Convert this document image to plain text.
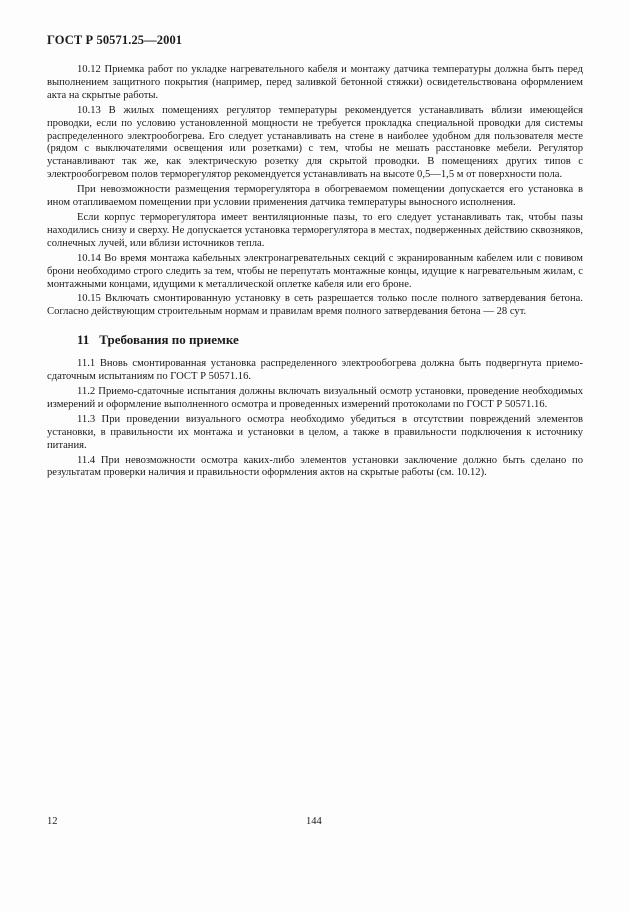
ГОСТ Р 50571.25—2001

10.12 Приемка работ по укладке нагревательного кабеля и монтажу датчика температуры должна быть перед выполнением защитного покрытия (например, перед заливкой бетонной стяжки) освидетельствована оформлением акта на скрытые работы.

10.13 В жилых помещениях регулятор температуры рекомендуется устанавливать вблизи имеющейся проводки, если по условию установленной мощности не требуется прокладка специальной проводки для системы распределенного электрообогрева. Его следует устанавливать на стене в наиболее удобном для пользователя месте (рядом с выключателями освещения или розетками) с тем, чтобы не мешать расстановке мебели. Регулятор устанавливают так же, как электрическую розетку для скрытой проводки. В помещениях других типов с электрообогревом полов терморегулятор рекомендуется устанавливать на высоте 0,5—1,5 м от поверхности пола.

При невозможности размещения терморегулятора в обогреваемом помещении допускается его установка в ином отапливаемом помещении при условии применения датчика температуры выносного исполнения.

Если корпус терморегулятора имеет вентиляционные пазы, то его следует устанавливать так, чтобы пазы находились снизу и сверху. Не допускается установка терморегулятора в местах, подверженных действию сквозняков, солнечных лучей, или вблизи источников тепла.

10.14 Во время монтажа кабельных электронагревательных секций с экранированным кабелем или с повивом брони необходимо строго следить за тем, чтобы не перепутать монтажные концы, идущие к нагревательным жилам, с монтажными концами, идущими к металлической оплетке кабеля или его броне.

10.15 Включать смонтированную установку в сеть разрешается только после полного затвердевания бетона. Согласно действующим строительным нормам и правилам время полного затвердевания бетона — 28 сут.

11 Требования по приемке

11.1 Вновь смонтированная установка распределенного электрообогрева должна быть подвергнута приемо-сдаточным испытаниям по ГОСТ Р 50571.16.

11.2 Приемо-сдаточные испытания должны включать визуальный осмотр установки, проведение необходимых измерений и оформление выполненного осмотра и проведенных измерений протоколами по ГОСТ Р 50571.16.

11.3 При проведении визуального осмотра необходимо убедиться в отсутствии повреждений элементов установки, в правильности их монтажа и установки в целом, а также в правильности подключения к источнику питания.

11.4 При невозможности осмотра каких-либо элементов установки заключение должно быть сделано по результатам проверки наличия и правильности оформления актов на скрытые работы (см. 10.12).

12	144
